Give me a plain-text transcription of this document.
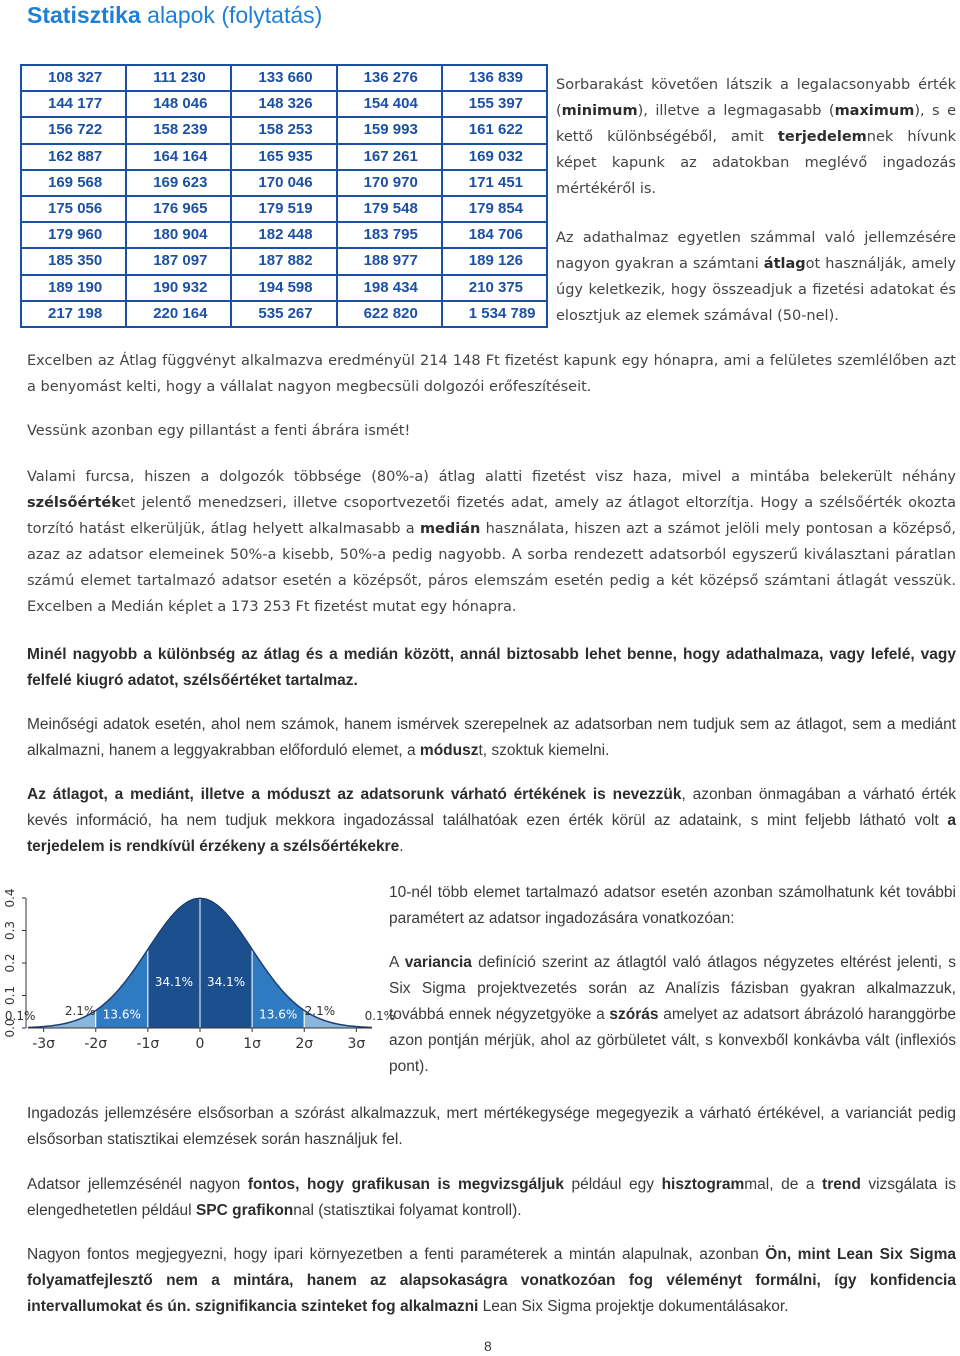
Statisztika alapok (folytatás)
108 327	111 230	133 660	136 276	136 839
144 177	148 046	148 326	154 404	155 397
156 722	158 239	158 253	159 993	161 622
162 887	164 164	165 935	167 261	169 032
169 568	169 623	170 046	170 970	171 451
175 056	176 965	179 519	179 548	179 854
179 960	180 904	182 448	183 795	184 706
185 350	187 097	187 882	188 977	189 126
189 190	190 932	194 598	198 434	210 375
217 198	220 164	535 267	622 820	1 534 789

Sorbarakást követően látszik a legalacsonyabb érték (minimum), illetve a legmagasabb (maximum), s e kettő különbségéből, amit terjedelemnek hívunk képet kapunk az adatokban meglévő ingadozás mértékéről is.

Az adathalmaz egyetlen számmal való jellemzésére nagyon gyakran a számtani átlagot használják, amely úgy keletkezik, hogy összeadjuk a fizetési adatokat és elosztjuk az elemek számával (50-nel).

Excelben az Átlag függvényt alkalmazva eredményül 214 148 Ft fizetést kapunk egy hónapra, ami a felületes szemlélőben azt a benyomást kelti, hogy a vállalat nagyon megbecsüli dolgozói erőfeszítéseit.

Vessünk azonban egy pillantást a fenti ábrára ismét!

Valami furcsa, hiszen a dolgozók többsége (80%-a) átlag alatti fizetést visz haza, mivel a mintába belekerült néhány szélsőértéket jelentő menedzseri, illetve csoportvezetői fizetés adat, amely az átlagot eltorzítja. Hogy a szélsőérték okozta torzító hatást elkerüljük, átlag helyett alkalmasabb a medián használata, hiszen azt a számot jelöli mely pontosan a középső, azaz az adatsor elemeinek 50%-a kisebb, 50%-a pedig nagyobb. A sorba rendezett adatsorból egyszerű kiválasztani páratlan számú elemet tartalmazó adatsor esetén a középsőt, páros elemszám esetén pedig a két középső számtani átlagát vesszük. Excelben a Medián képlet a 173 253 Ft fizetést mutat egy hónapra.

Minél nagyobb a különbség az átlag és a medián között, annál biztosabb lehet benne, hogy adathalmaza, vagy lefelé, vagy felfelé kiugró adatot, szélsőértéket tartalmaz.

Meinőségi adatok esetén, ahol nem számok, hanem ismérvek szerepelnek az adatsorban nem tudjuk sem az átlagot, sem a mediánt alkalmazni, hanem a leggyakrabban előforduló elemet, a móduszt, szoktuk kiemelni.

Az átlagot, a mediánt, illetve a móduszt az adatsorunk várható értékének is nevezzük, azonban önmagában a várható érték kevés információ, ha nem tudjuk mekkora ingadozással találhatóak ezen érték körül az adataink, s mint feljebb látható volt a terjedelem is rendkívül érzékeny a szélsőértékekre.

0.0
0.1
0.2
0.3
0.4
-3σ -2σ -1σ	0	1σ 2σ 3σ
0.1% 2.1% 13.6%
34.1% 34.1%
13.6% 2.1% 0.1%

10-nél több elemet tartalmazó adatsor esetén azonban számolhatunk két további paramétert az adatsor ingadozására vonatkozóan:

A variancia definíció szerint az átlagtól való átlagos négyzetes eltérést jelenti, s Six Sigma projektvezetés során az Analízis fázisban gyakran alkalmazzuk, továbbá ennek négyzetgyöke a szórás amelyet az adatsort ábrázoló haranggörbe azon pontján mérjük, ahol az görbületet vált, s konvexből konkávba vált (inflexiós pont).

Ingadozás jellemzésére elsősorban a szórást alkalmazzuk, mert mértékegysége megegyezik a várható értékével, a varianciát pedig elsősorban statisztikai elemzések során használjuk fel.

Adatsor jellemzésénél nagyon fontos, hogy grafikusan is megvizsgáljuk például egy hisztogrammal, de a trend vizsgálata is elengedhetetlen például SPC grafikonnal (statisztikai folyamat kontroll).

Nagyon fontos megjegyezni, hogy ipari környezetben a fenti paraméterek a mintán alapulnak, azonban Ön, mint Lean Six Sigma folyamatfejlesztő nem a mintára, hanem az alapsokaságra vonatkozóan fog véleményt formálni, így konfidencia intervallumokat és ún. szignifikancia szinteket fog alkalmazni Lean Six Sigma projektje dokumentálásakor.

8
